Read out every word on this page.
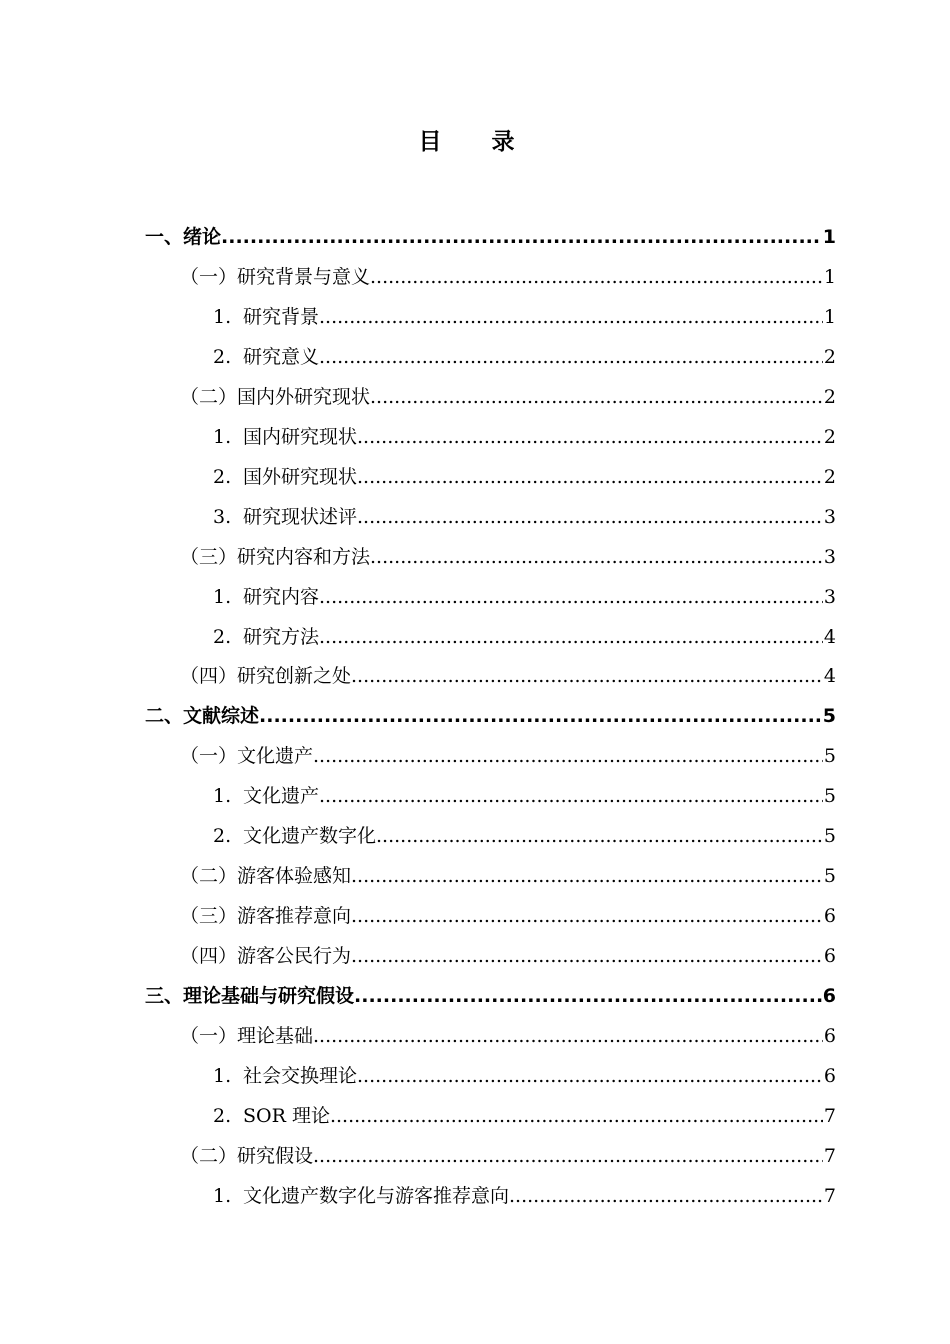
目录
一、绪论 .....	1
（一）研究背景与意义 .....	1
1. 研究背景 .....	1
2. 研究意义 .....	2
（二）国内外研究现状 .....	2
1. 国内研究现状 .....	2
2. 国外研究现状 .....	2
3. 研究现状述评 .....	3
（三）研究内容和方法 .....	3
1. 研究内容 .....	3
2. 研究方法 .....	4
（四）研究创新之处 .....	4
二、文献综述 .....	5
（一）文化遗产 .....	5
1. 文化遗产 .....	5
2. 文化遗产数字化 .....	5
（二）游客体验感知 .....	5
（三）游客推荐意向 .....	6
（四）游客公民行为 .....	6
三、理论基础与研究假设 .....	6
（一）理论基础 .....	6
1. 社会交换理论 .....	6
2. SOR 理论 .....	7
（二）研究假设 .....	7
1. 文化遗产数字化与游客推荐意向 .....	7
